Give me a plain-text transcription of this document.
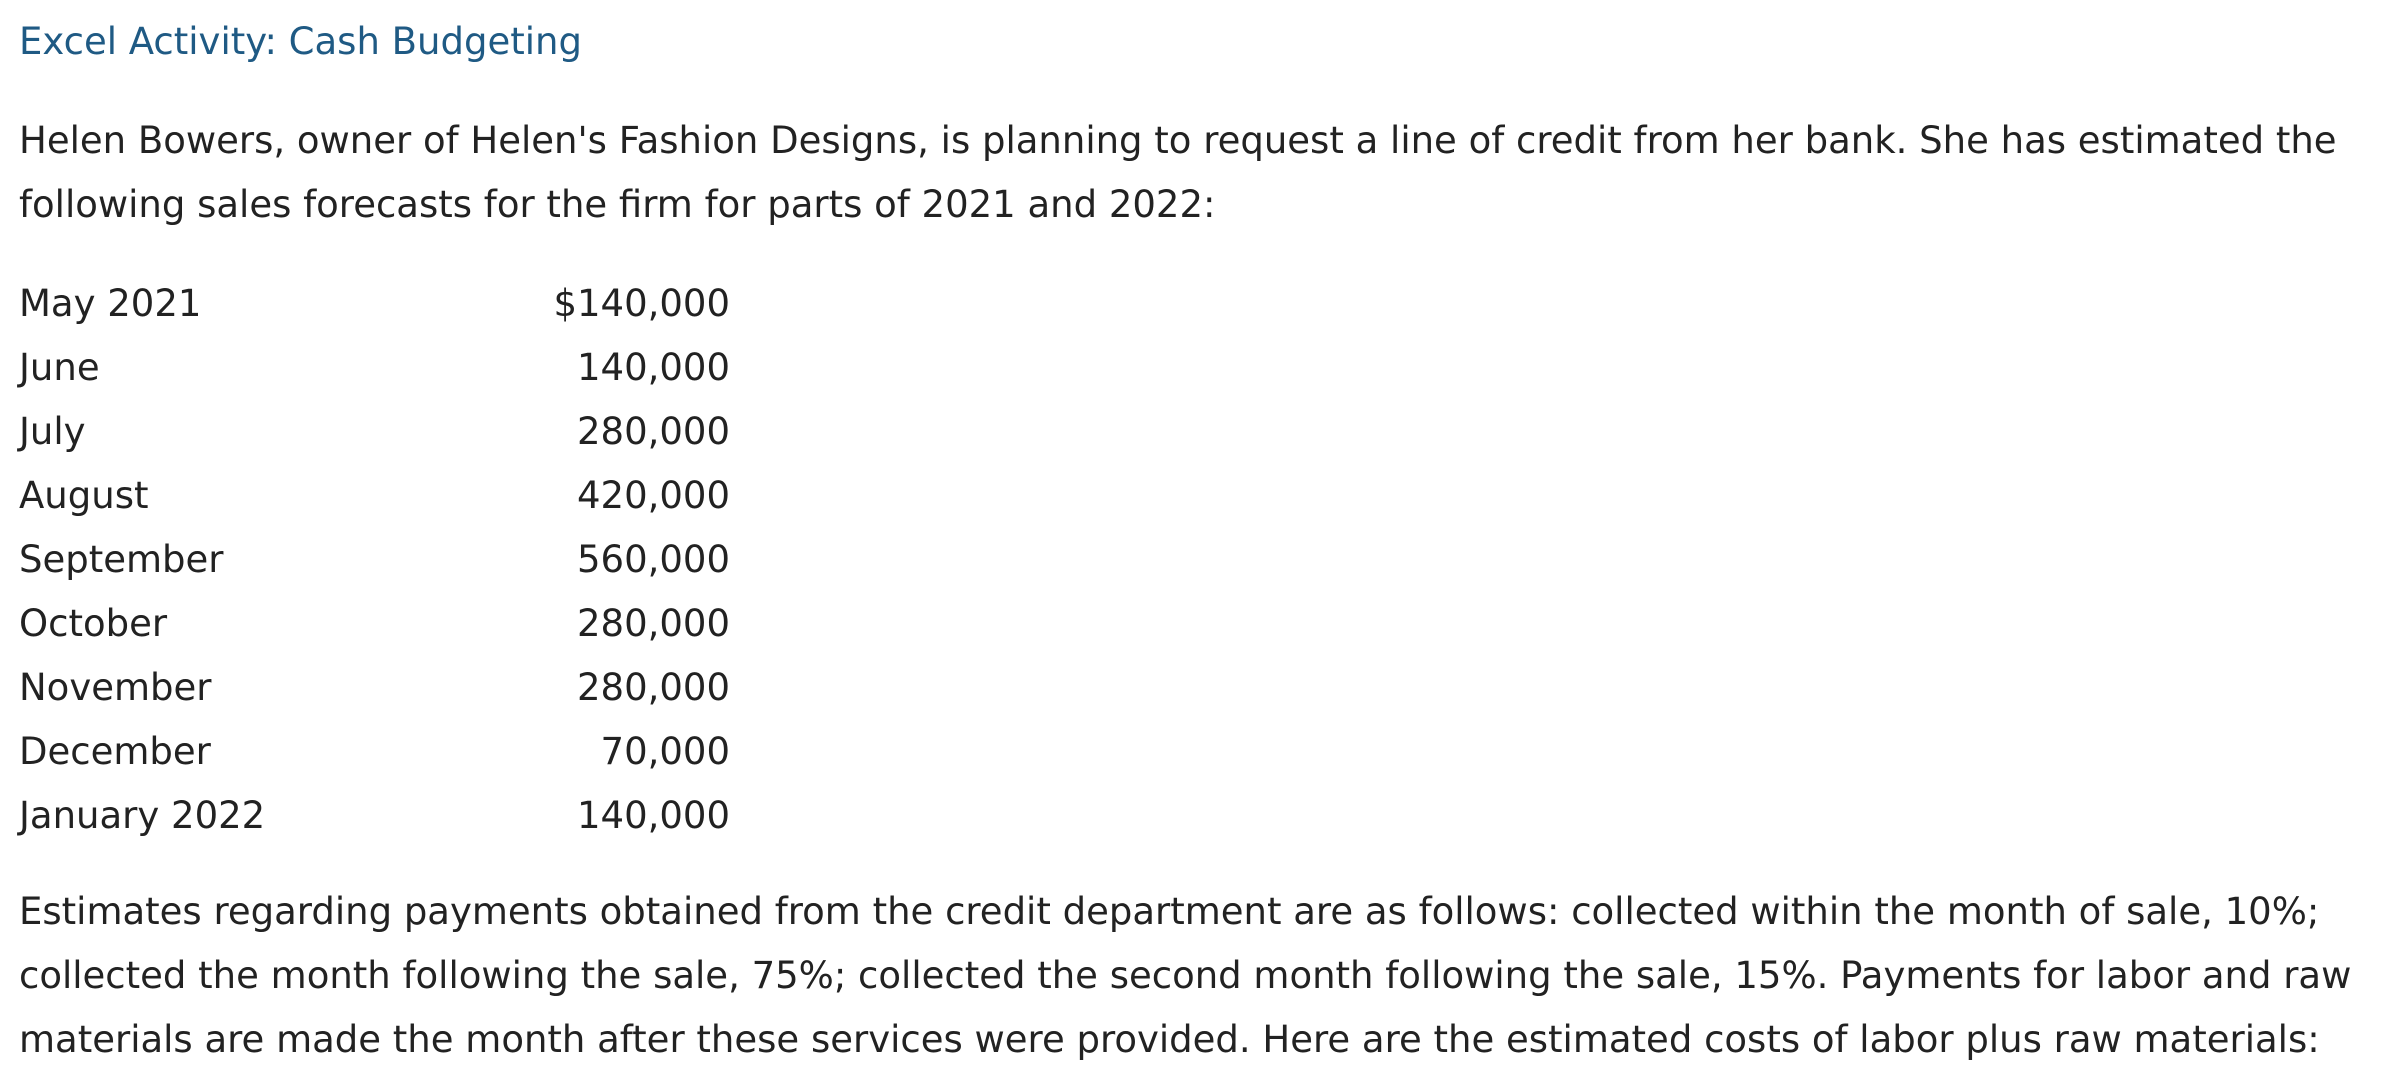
Excel Activity: Cash Budgeting

Helen Bowers, owner of Helen's Fashion Designs, is planning to request a line of credit from her bank. She has estimated the following sales forecasts for the firm for parts of 2021 and 2022:

May 2021	$140,000
June	140,000
July	280,000
August	420,000
September	560,000
October	280,000
November	280,000
December	70,000
January 2022	140,000

Estimates regarding payments obtained from the credit department are as follows: collected within the month of sale, 10%; collected the month following the sale, 75%; collected the second month following the sale, 15%. Payments for labor and raw materials are made the month after these services were provided. Here are the estimated costs of labor plus raw materials:
